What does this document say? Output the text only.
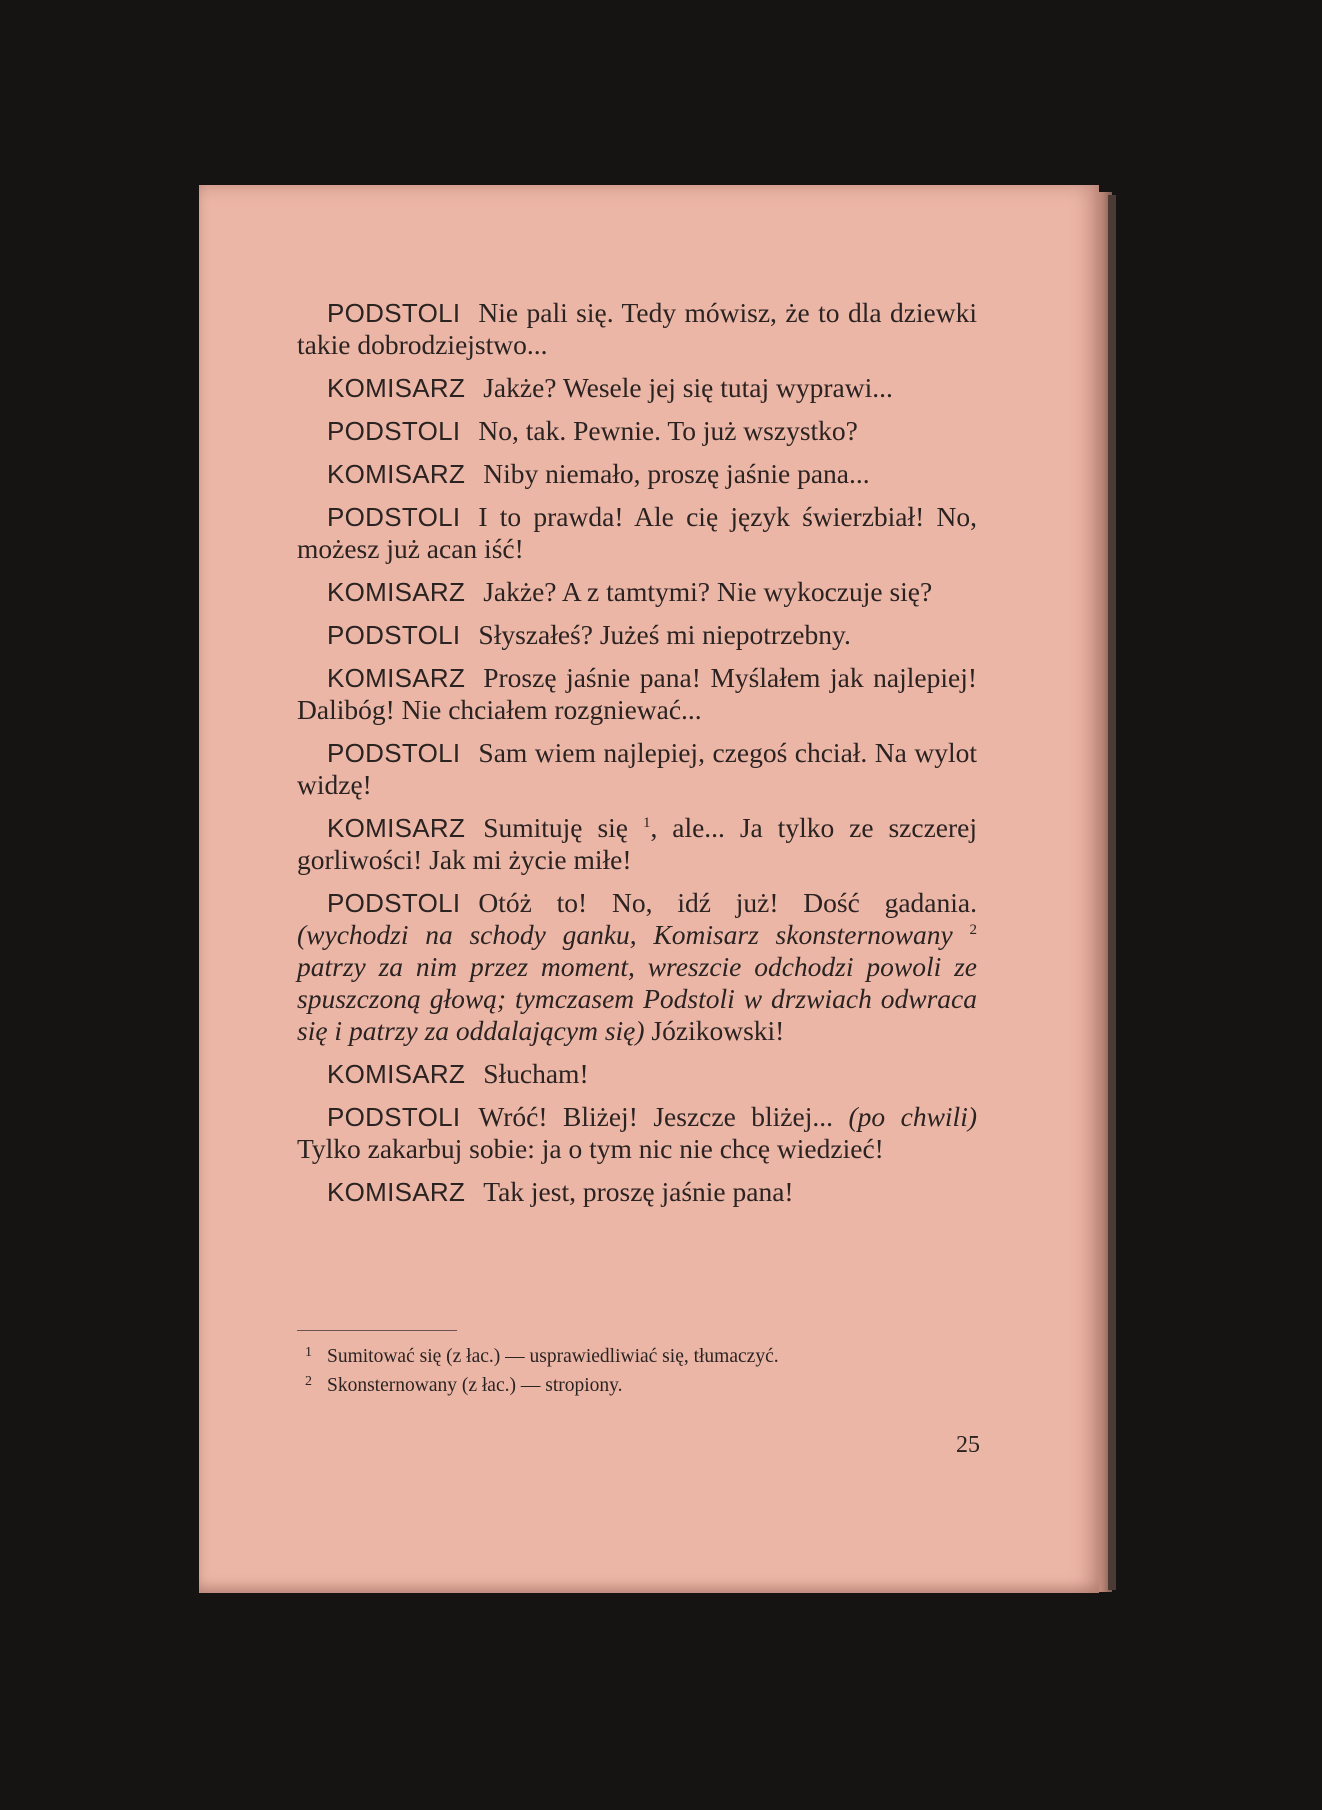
PODSTOLI Nie pali się. Tedy mówisz, że to dla dziewki takie dobrodziejstwo...

KOMISARZ Jakże? Wesele jej się tutaj wyprawi...

PODSTOLI No, tak. Pewnie. To już wszystko?

KOMISARZ Niby niemało, proszę jaśnie pana...

PODSTOLI I to prawda! Ale cię język świerzbiał! No, możesz już acan iść!

KOMISARZ Jakże? A z tamtymi? Nie wykoczuje się?

PODSTOLI Słyszałeś? Jużeś mi niepotrzebny.

KOMISARZ Proszę jaśnie pana! Myślałem jak najlepiej! Dalibóg! Nie chciałem rozgniewać...

PODSTOLI Sam wiem najlepiej, czegoś chciał. Na wylot widzę!

KOMISARZ Sumituję się $^1$, ale... Ja tylko ze szczerej gorliwości! Jak mi życie miłe!

PODSTOLI Otóż to! No, idź już! Dość gadania. (wychodzi na schody ganku, Komisarz skonsternowany $^2$ patrzy za nim przez moment, wreszcie odchodzi powoli ze spuszczoną głową; tymczasem Podstoli w drzwiach odwraca się i patrzy za oddalającym się) Józikowski!

KOMISARZ Słucham!

PODSTOLI Wróć! Bliżej! Jeszcze bliżej... (po chwili) Tylko zakarbuj sobie: ja o tym nic nie chcę wiedzieć!

KOMISARZ Tak jest, proszę jaśnie pana!

1 Sumitować się (z łac.) — usprawiedliwiać się, tłumaczyć.

2 Skonsternowany (z łac.) — stropiony.

25
